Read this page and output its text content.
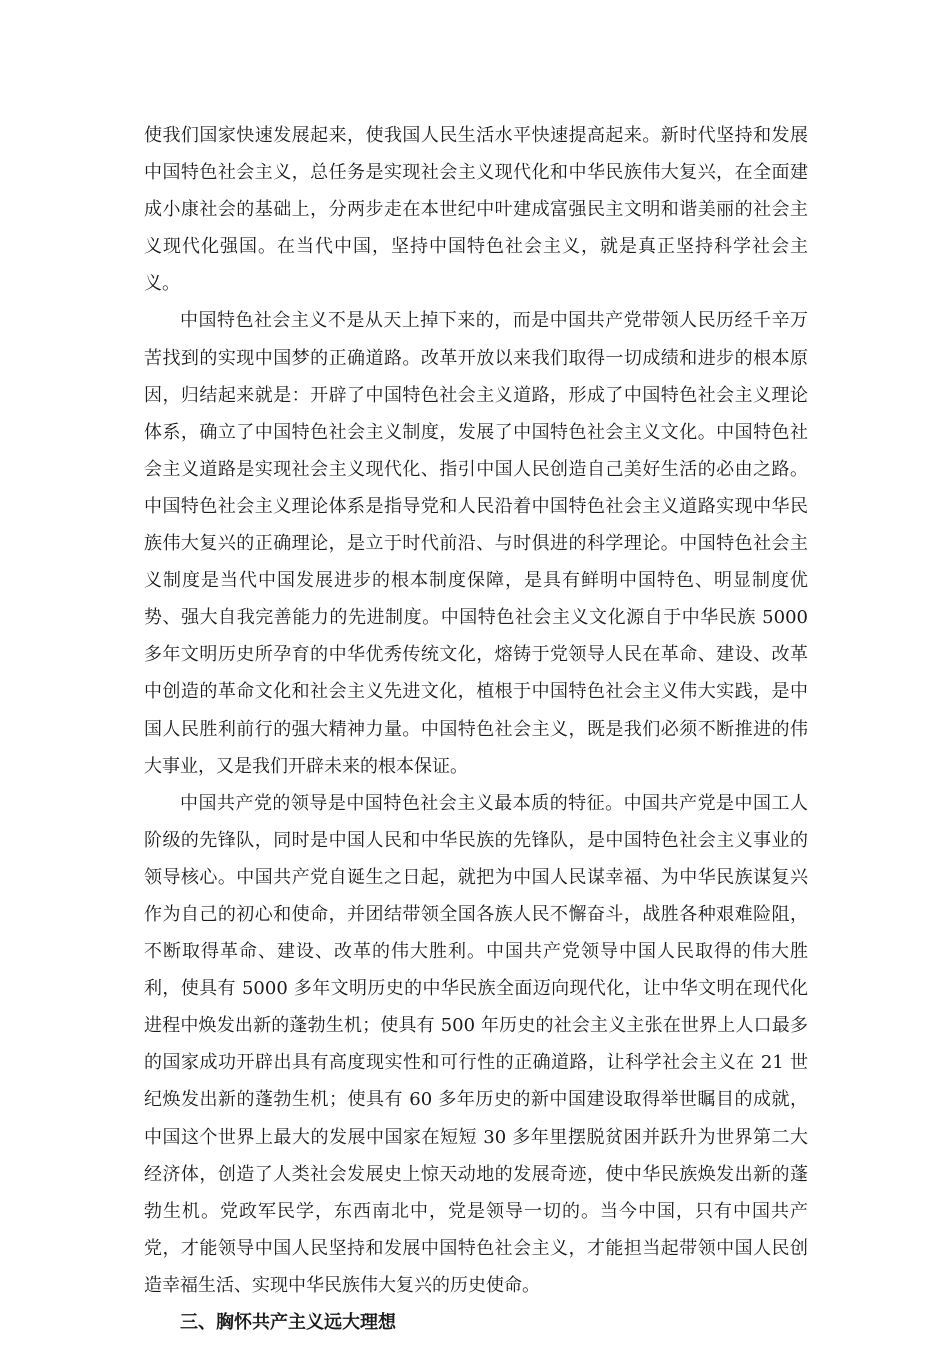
使我们国家快速发展起来，使我国人民生活水平快速提高起来。新时代坚持和发展中国特色社会主义，总任务是实现社会主义现代化和中华民族伟大复兴，在全面建成小康社会的基础上，分两步走在本世纪中叶建成富强民主文明和谐美丽的社会主义现代化强国。在当代中国，坚持中国特色社会主义，就是真正坚持科学社会主义。

中国特色社会主义不是从天上掉下来的，而是中国共产党带领人民历经千辛万苦找到的实现中国梦的正确道路。改革开放以来我们取得一切成绩和进步的根本原因，归结起来就是：开辟了中国特色社会主义道路，形成了中国特色社会主义理论体系，确立了中国特色社会主义制度，发展了中国特色社会主义文化。中国特色社会主义道路是实现社会主义现代化、指引中国人民创造自己美好生活的必由之路。中国特色社会主义理论体系是指导党和人民沿着中国特色社会主义道路实现中华民族伟大复兴的正确理论，是立于时代前沿、与时俱进的科学理论。中国特色社会主义制度是当代中国发展进步的根本制度保障，是具有鲜明中国特色、明显制度优势、强大自我完善能力的先进制度。中国特色社会主义文化源自于中华民族 5000 多年文明历史所孕育的中华优秀传统文化，熔铸于党领导人民在革命、建设、改革中创造的革命文化和社会主义先进文化，植根于中国特色社会主义伟大实践，是中国人民胜利前行的强大精神力量。中国特色社会主义，既是我们必须不断推进的伟大事业，又是我们开辟未来的根本保证。

中国共产党的领导是中国特色社会主义最本质的特征。中国共产党是中国工人阶级的先锋队，同时是中国人民和中华民族的先锋队，是中国特色社会主义事业的领导核心。中国共产党自诞生之日起，就把为中国人民谋幸福、为中华民族谋复兴作为自己的初心和使命，并团结带领全国各族人民不懈奋斗，战胜各种艰难险阻，不断取得革命、建设、改革的伟大胜利。中国共产党领导中国人民取得的伟大胜利，使具有 5000 多年文明历史的中华民族全面迈向现代化，让中华文明在现代化进程中焕发出新的蓬勃生机；使具有 500 年历史的社会主义主张在世界上人口最多的国家成功开辟出具有高度现实性和可行性的正确道路，让科学社会主义在 21 世纪焕发出新的蓬勃生机；使具有 60 多年历史的新中国建设取得举世瞩目的成就，中国这个世界上最大的发展中国家在短短 30 多年里摆脱贫困并跃升为世界第二大经济体，创造了人类社会发展史上惊天动地的发展奇迹，使中华民族焕发出新的蓬勃生机。党政军民学，东西南北中，党是领导一切的。当今中国，只有中国共产党，才能领导中国人民坚持和发展中国特色社会主义，才能担当起带领中国人民创造幸福生活、实现中华民族伟大复兴的历史使命。

三、胸怀共产主义远大理想
